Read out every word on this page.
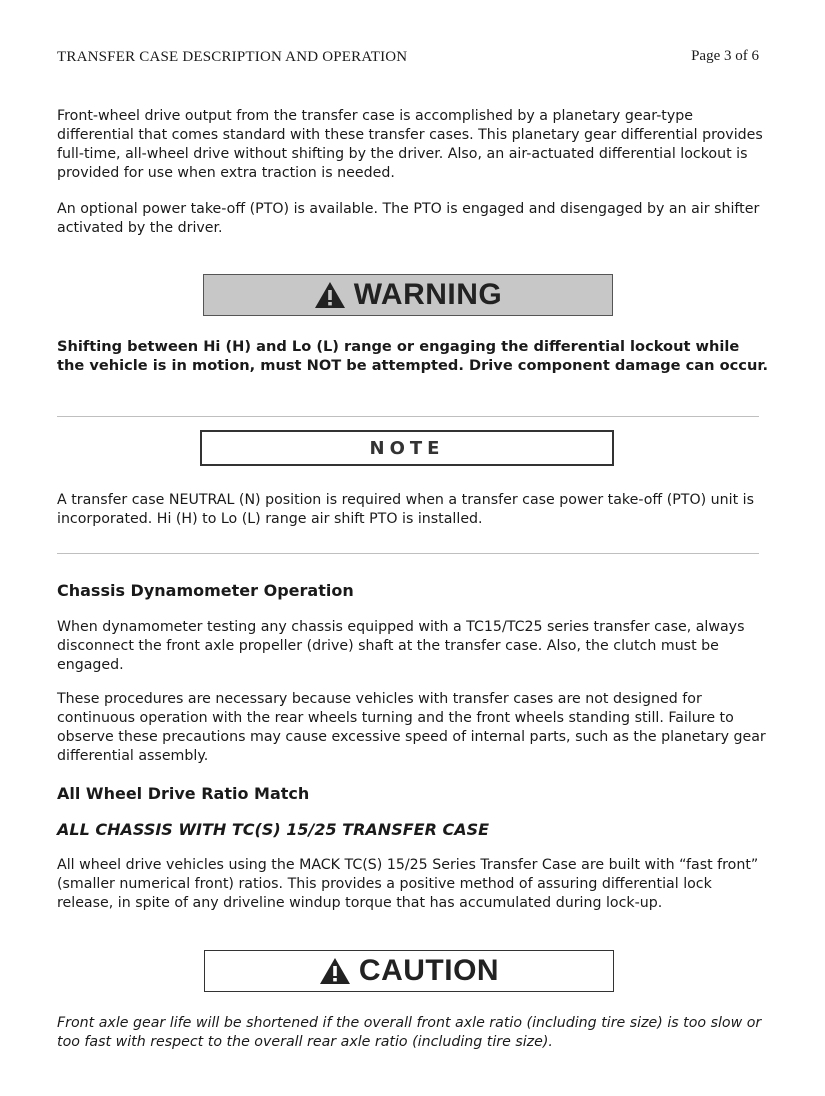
TRANSFER CASE DESCRIPTION AND OPERATION	Page 3 of 6

Front-wheel drive output from the transfer case is accomplished by a planetary gear-type differential that comes standard with these transfer cases. This planetary gear differential provides full-time, all-wheel drive without shifting by the driver. Also, an air-actuated differential lockout is provided for use when extra traction is needed.

An optional power take-off (PTO) is available. The PTO is engaged and disengaged by an air shifter activated by the driver.

WARNING

Shifting between Hi (H) and Lo (L) range or engaging the differential lockout while the vehicle is in motion, must NOT be attempted. Drive component damage can occur.

NOTE

A transfer case NEUTRAL (N) position is required when a transfer case power take-off (PTO) unit is incorporated. Hi (H) to Lo (L) range air shift PTO is installed.

Chassis Dynamometer Operation

When dynamometer testing any chassis equipped with a TC15/TC25 series transfer case, always disconnect the front axle propeller (drive) shaft at the transfer case. Also, the clutch must be engaged.

These procedures are necessary because vehicles with transfer cases are not designed for continuous operation with the rear wheels turning and the front wheels standing still. Failure to observe these precautions may cause excessive speed of internal parts, such as the planetary gear differential assembly.

All Wheel Drive Ratio Match
ALL CHASSIS WITH TC(S) 15/25 TRANSFER CASE

All wheel drive vehicles using the MACK TC(S) 15/25 Series Transfer Case are built with “fast front” (smaller numerical front) ratios. This provides a positive method of assuring differential lock release, in spite of any driveline windup torque that has accumulated during lock-up.

CAUTION

Front axle gear life will be shortened if the overall front axle ratio (including tire size) is too slow or too fast with respect to the overall rear axle ratio (including tire size).
